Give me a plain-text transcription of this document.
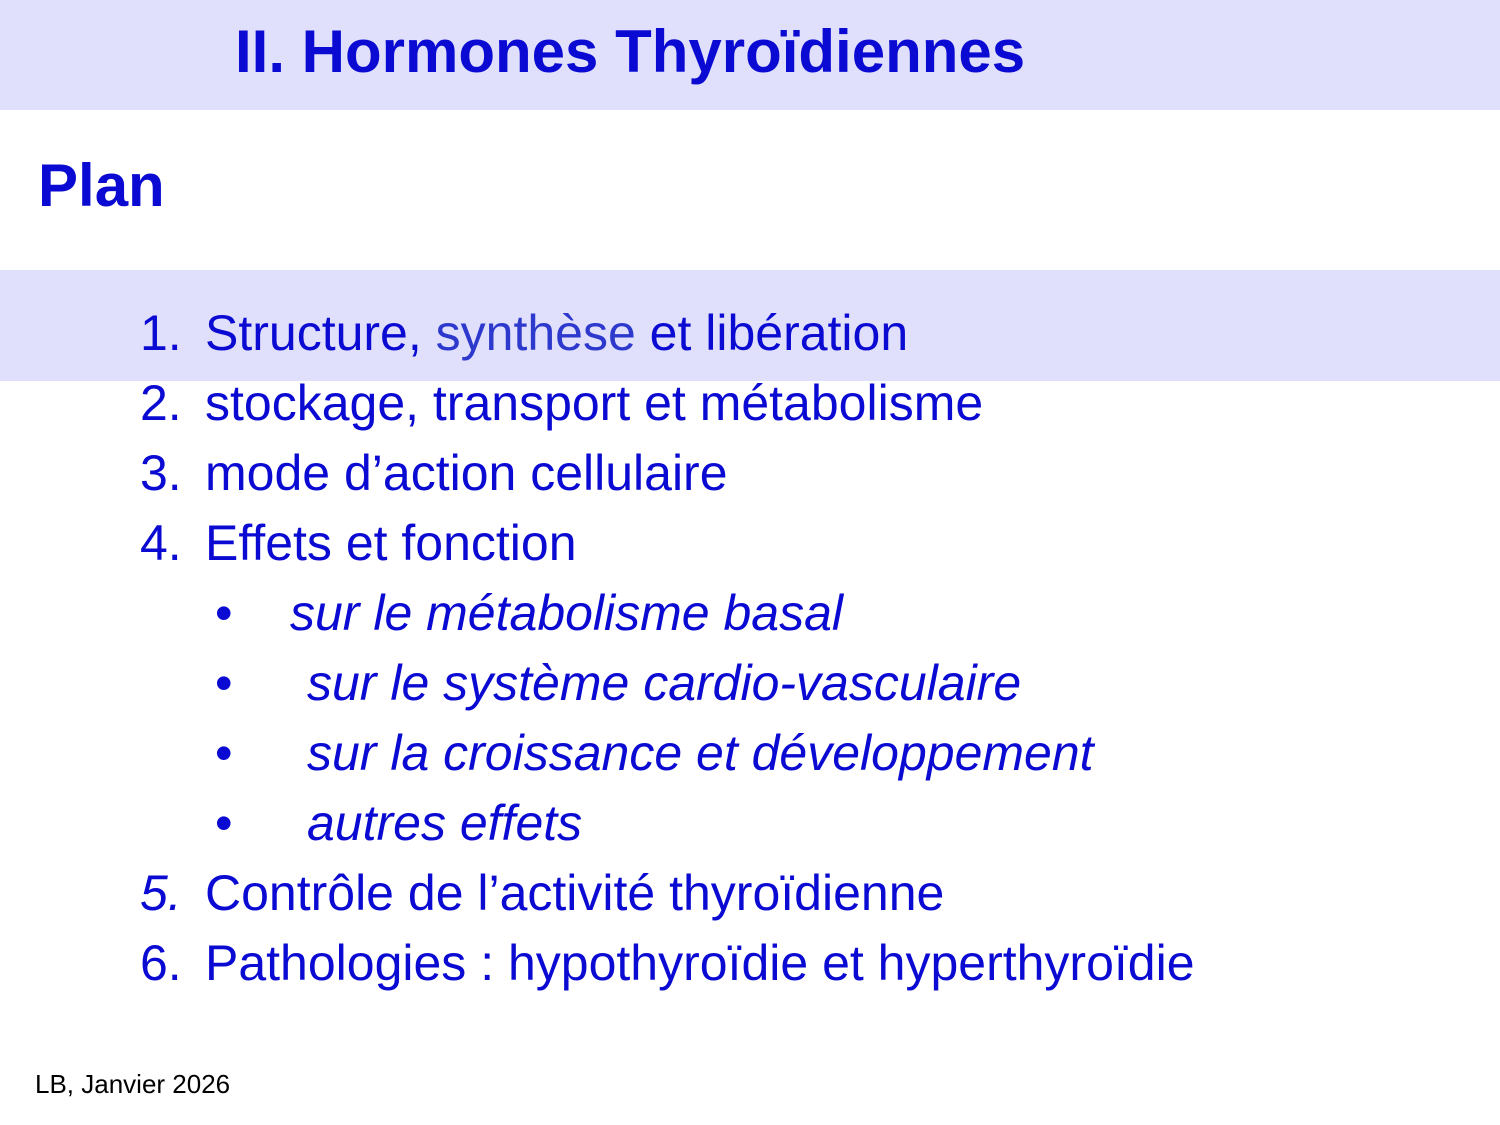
II. Hormones Thyroïdiennes
Plan
1. Structure, synthèse et libération
2. stockage, transport et métabolisme
3. mode d’action cellulaire
4. Effets et fonction
• sur le métabolisme basal
• sur le système cardio-vasculaire
• sur la croissance et développement
• autres effets
5. Contrôle de l’activité thyroïdienne
6. Pathologies : hypothyroïdie et hyperthyroïdie
LB, Janvier 2026
